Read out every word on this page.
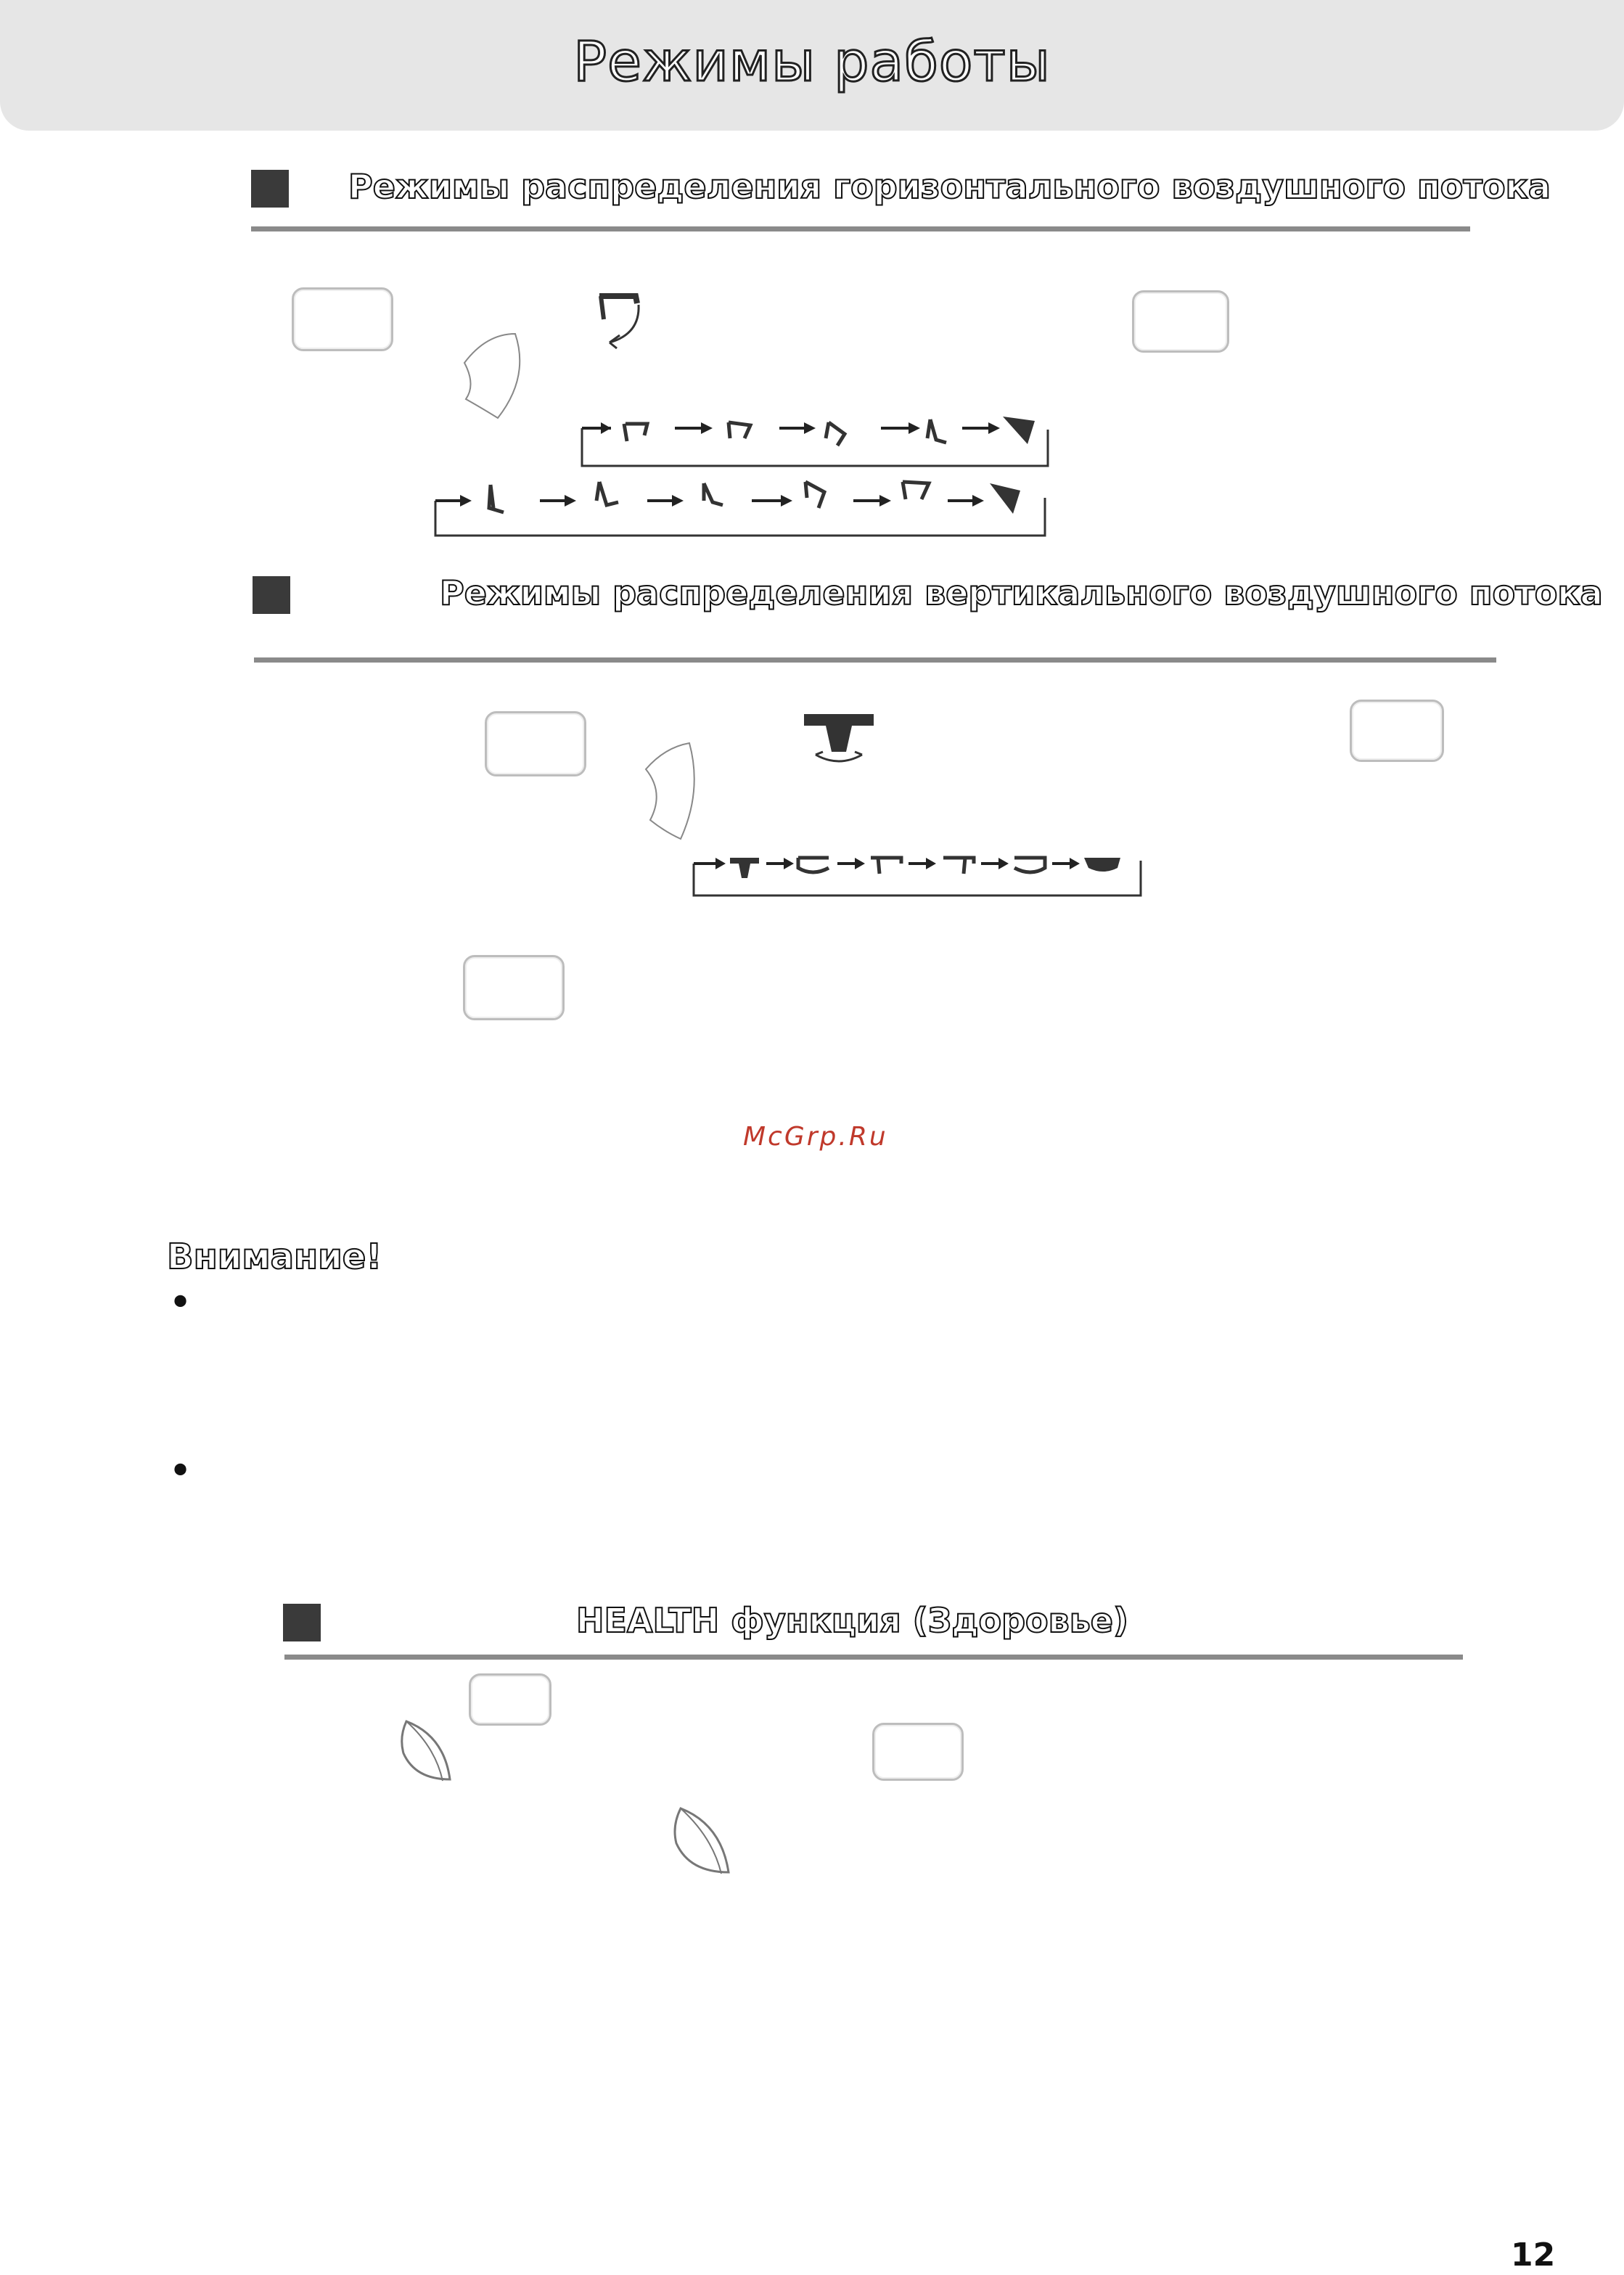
Режимы работы
Режимы распределения горизонтального воздушного потока
Режимы распределения вертикального воздушного потока
McGrp.Ru
Внимание!
•
•
HEALTH функция (Здоровье)
12
